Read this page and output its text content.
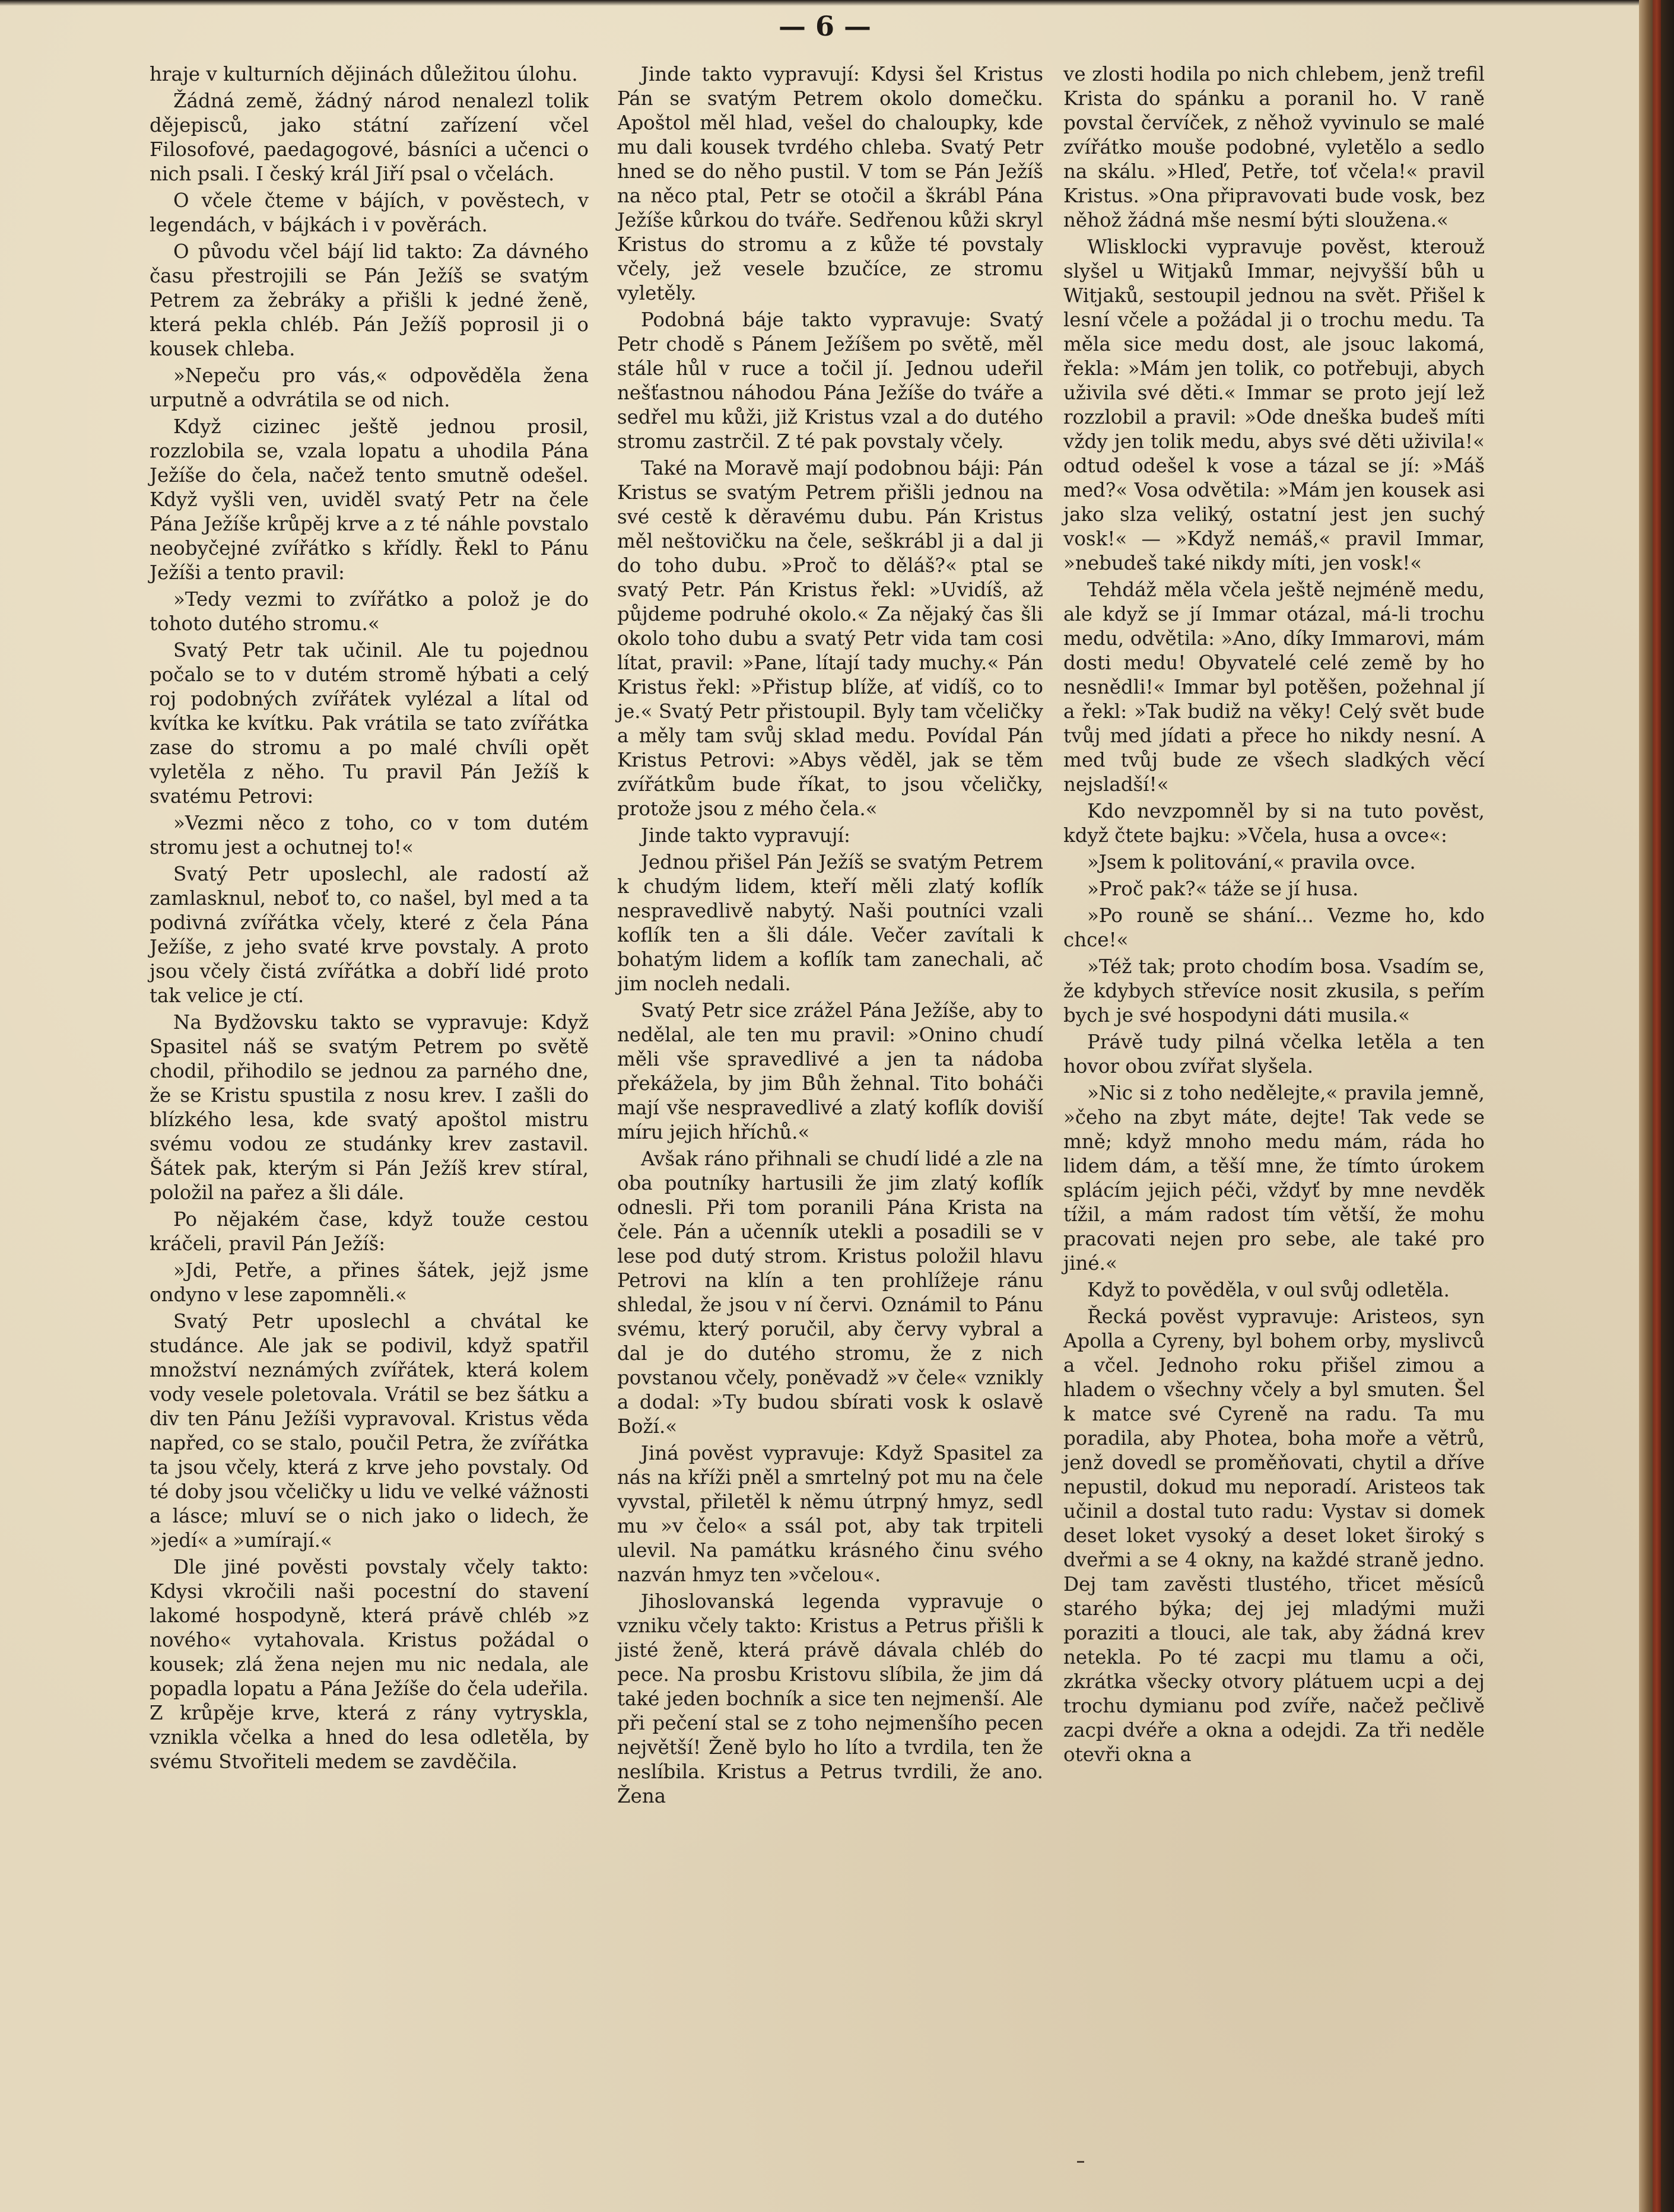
— 6 —

hraje v kulturních dějinách důležitou úlohu.

Žádná země, žádný národ nenalezl tolik dějepisců, jako státní zařízení včel Filosofové, paedagogové, básníci a učenci o nich psali. I český král Jiří psal o včelách.

O včele čteme v bájích, v pověstech, v legendách, v bájkách i v pověrách.

O původu včel bájí lid takto: Za dávného času přestrojili se Pán Ježíš se svatým Petrem za žebráky a přišli k jedné ženě, která pekla chléb. Pán Ježíš poprosil ji o kousek chleba.

»Nepeču pro vás,« odpověděla žena urputně a odvrátila se od nich.

Když cizinec ještě jednou prosil, rozzlobila se, vzala lopatu a uhodila Pána Ježíše do čela, načež tento smutně odešel. Když vyšli ven, uviděl svatý Petr na čele Pána Ježíše krůpěj krve a z té náhle povstalo neobyčejné zvířátko s křídly. Řekl to Pánu Ježíši a tento pravil:

»Tedy vezmi to zvířátko a polož je do tohoto dutého stromu.«

Svatý Petr tak učinil. Ale tu pojednou počalo se to v dutém stromě hýbati a celý roj podobných zvířátek vylézal a lítal od kvítka ke kvítku. Pak vrátila se tato zvířátka zase do stromu a po malé chvíli opět vyletěla z něho. Tu pravil Pán Ježíš k svatému Petrovi:

»Vezmi něco z toho, co v tom dutém stromu jest a ochutnej to!«

Svatý Petr uposlechl, ale radostí až zamlasknul, neboť to, co našel, byl med a ta podivná zvířátka včely, které z čela Pána Ježíše, z jeho svaté krve povstaly. A proto jsou včely čistá zvířátka a dobří lidé proto tak velice je ctí.

Na Bydžovsku takto se vypravuje: Když Spasitel náš se svatým Petrem po světě chodil, přihodilo se jednou za parného dne, že se Kristu spustila z nosu krev. I zašli do blízkého lesa, kde svatý apoštol mistru svému vodou ze studánky krev zastavil. Šátek pak, kterým si Pán Ježíš krev stíral, položil na pařez a šli dále.

Po nějakém čase, když touže cestou kráčeli, pravil Pán Ježíš:

»Jdi, Petře, a přines šátek, jejž jsme ondyno v lese zapomněli.«

Svatý Petr uposlechl a chvátal ke studánce. Ale jak se podivil, když spatřil množství neznámých zvířátek, která kolem vody vesele poletovala. Vrátil se bez šátku a div ten Pánu Ježíši vypravoval. Kristus věda napřed, co se stalo, poučil Petra, že zvířátka ta jsou včely, která z krve jeho povstaly. Od té doby jsou včeličky u lidu ve velké vážnosti a lásce; mluví se o nich jako o lidech, že »jedí« a »umírají.«

Dle jiné pověsti povstaly včely takto: Kdysi vkročili naši pocestní do stavení lakomé hospodyně, která právě chléb »z nového« vytahovala. Kristus požádal o kousek; zlá žena nejen mu nic nedala, ale popadla lopatu a Pána Ježíše do čela udeřila. Z krůpěje krve, která z rány vytryskla, vznikla včelka a hned do lesa odletěla, by svému Stvořiteli medem se zavděčila.

Jinde takto vypravují: Kdysi šel Kristus Pán se svatým Petrem okolo domečku. Apoštol měl hlad, vešel do chaloupky, kde mu dali kousek tvrdého chleba. Svatý Petr hned se do něho pustil. V tom se Pán Ježíš na něco ptal, Petr se otočil a škrábl Pána Ježíše kůrkou do tváře. Sedřenou kůži skryl Kristus do stromu a z kůže té povstaly včely, jež vesele bzučíce, ze stromu vyletěly.

Podobná báje takto vypravuje: Svatý Petr chodě s Pánem Ježíšem po světě, měl stále hůl v ruce a točil jí. Jednou udeřil nešťastnou náhodou Pána Ježíše do tváře a sedřel mu kůži, již Kristus vzal a do dutého stromu zastrčil. Z té pak povstaly včely.

Také na Moravě mají podobnou báji: Pán Kristus se svatým Petrem přišli jednou na své cestě k děravému dubu. Pán Kristus měl neštovičku na čele, seškrábl ji a dal ji do toho dubu. »Proč to děláš?« ptal se svatý Petr. Pán Kristus řekl: »Uvidíš, až půjdeme podruhé okolo.« Za nějaký čas šli okolo toho dubu a svatý Petr vida tam cosi lítat, pravil: »Pane, lítají tady muchy.« Pán Kristus řekl: »Přistup blíže, ať vidíš, co to je.« Svatý Petr přistoupil. Byly tam včeličky a měly tam svůj sklad medu. Povídal Pán Kristus Petrovi: »Abys věděl, jak se těm zvířátkům bude říkat, to jsou včeličky, protože jsou z mého čela.«

Jinde takto vypravují:

Jednou přišel Pán Ježíš se svatým Petrem k chudým lidem, kteří měli zlatý koflík nespravedlivě nabytý. Naši poutníci vzali koflík ten a šli dále. Večer zavítali k bohatým lidem a koflík tam zanechali, ač jim nocleh nedali.

Svatý Petr sice zrážel Pána Ježíše, aby to nedělal, ale ten mu pravil: »Onino chudí měli vše spravedlivé a jen ta nádoba překážela, by jim Bůh žehnal. Tito boháči mají vše nespravedlivé a zlatý koflík doviší míru jejich hříchů.«

Avšak ráno přihnali se chudí lidé a zle na oba poutníky hartusili že jim zlatý koflík odnesli. Při tom poranili Pána Krista na čele. Pán a učenník utekli a posadili se v lese pod dutý strom. Kristus položil hlavu Petrovi na klín a ten prohlížeje ránu shledal, že jsou v ní červi. Oznámil to Pánu svému, který poručil, aby červy vybral a dal je do dutého stromu, že z nich povstanou včely, poněvadž »v čele« vznikly a dodal: »Ty budou sbírati vosk k oslavě Boží.«

Jiná pověst vypravuje: Když Spasitel za nás na kříži pněl a smrtelný pot mu na čele vyvstal, přiletěl k němu útrpný hmyz, sedl mu »v čelo« a ssál pot, aby tak trpiteli ulevil. Na památku krásného činu svého nazván hmyz ten »včelou«.

Jihoslovanská legenda vypravuje o vzniku včely takto: Kristus a Petrus přišli k jisté ženě, která právě dávala chléb do pece. Na prosbu Kristovu slíbila, že jim dá také jeden bochník a sice ten nejmenší. Ale při pečení stal se z toho nejmenšího pecen největší! Ženě bylo ho líto a tvrdila, ten že neslíbila. Kristus a Petrus tvrdili, že ano. Žena

ve zlosti hodila po nich chlebem, jenž trefil Krista do spánku a poranil ho. V raně povstal červíček, z něhož vyvinulo se malé zvířátko mouše podobné, vyletělo a sedlo na skálu. »Hleď, Petře, toť včela!« pravil Kristus. »Ona připravovati bude vosk, bez něhož žádná mše nesmí býti sloužena.«

Wlisklocki vypravuje pověst, kterouž slyšel u Witjaků Immar, nejvyšší bůh u Witjaků, sestoupil jednou na svět. Přišel k lesní včele a požádal ji o trochu medu. Ta měla sice medu dost, ale jsouc lakomá, řekla: »Mám jen tolik, co potřebuji, abych uživila své děti.« Immar se proto její lež rozzlobil a pravil: »Ode dneška budeš míti vždy jen tolik medu, abys své děti uživila!« odtud odešel k vose a tázal se jí: »Máš med?« Vosa odvětila: »Mám jen kousek asi jako slza veliký, ostatní jest jen suchý vosk!« — »Když nemáš,« pravil Immar, »nebudeš také nikdy míti, jen vosk!«

Tehdáž měla včela ještě nejméně medu, ale když se jí Immar otázal, má-li trochu medu, odvětila: »Ano, díky Immarovi, mám dosti medu! Obyvatelé celé země by ho nesnědli!« Immar byl potěšen, požehnal jí a řekl: »Tak budiž na věky! Celý svět bude tvůj med jídati a přece ho nikdy nesní. A med tvůj bude ze všech sladkých věcí nejsladší!«

Kdo nevzpomněl by si na tuto pověst, když čtete bajku: »Včela, husa a ovce«:

»Jsem k politování,« pravila ovce.

»Proč pak?« táže se jí husa.

»Po rouně se shání... Vezme ho, kdo chce!«

»Též tak; proto chodím bosa. Vsadím se, že kdybych střevíce nosit zkusila, s peřím bych je své hospodyni dáti musila.«

Právě tudy pilná včelka letěla a ten hovor obou zvířat slyšela.

»Nic si z toho nedělejte,« pravila jemně, »čeho na zbyt máte, dejte! Tak vede se mně; když mnoho medu mám, ráda ho lidem dám, a těší mne, že tímto úrokem splácím jejich péči, vždyť by mne nevděk tížil, a mám radost tím větší, že mohu pracovati nejen pro sebe, ale také pro jiné.«

Když to pověděla, v oul svůj odletěla.

Řecká pověst vypravuje: Aristeos, syn Apolla a Cyreny, byl bohem orby, myslivců a včel. Jednoho roku přišel zimou a hladem o všechny včely a byl smuten. Šel k matce své Cyreně na radu. Ta mu poradila, aby Photea, boha moře a větrů, jenž dovedl se proměňovati, chytil a dříve nepustil, dokud mu neporadí. Aristeos tak učinil a dostal tuto radu: Vystav si domek deset loket vysoký a deset loket široký s dveřmi a se 4 okny, na každé straně jedno. Dej tam zavěsti tlustého, třicet měsíců starého býka; dej jej mladými muži poraziti a tlouci, ale tak, aby žádná krev netekla. Po té zacpi mu tlamu a oči, zkrátka všecky otvory plátuem ucpi a dej trochu dymianu pod zvíře, načež pečlivě zacpi dvéře a okna a odejdi. Za tři neděle otevři okna a
